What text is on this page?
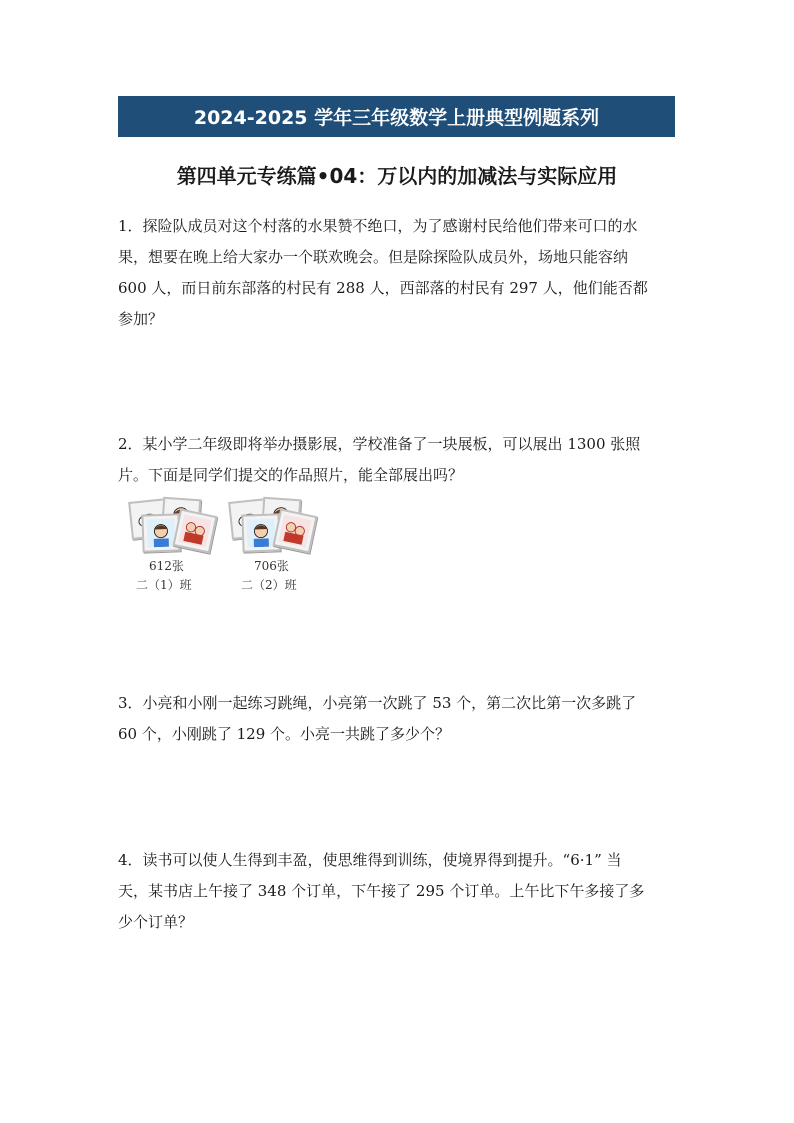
2024-2025 学年三年级数学上册典型例题系列
第四单元专练篇•04：万以内的加减法与实际应用
1．探险队成员对这个村落的水果赞不绝口，为了感谢村民给他们带来可口的水
果，想要在晚上给大家办一个联欢晚会。但是除探险队成员外，场地只能容纳
600 人，而日前东部落的村民有 288 人，西部落的村民有 297 人，他们能否都
参加？
2．某小学二年级即将举办摄影展，学校准备了一块展板，可以展出 1300 张照
片。下面是同学们提交的作品照片，能全部展出吗？
612张
二（1）班
706张
二（2）班
3．小亮和小刚一起练习跳绳，小亮第一次跳了 53 个，第二次比第一次多跳了
60 个，小刚跳了 129 个。小亮一共跳了多少个？
4．读书可以使人生得到丰盈，使思维得到训练，使境界得到提升。“6·1” 当
天，某书店上午接了 348 个订单，下午接了 295 个订单。上午比下午多接了多
少个订单？
